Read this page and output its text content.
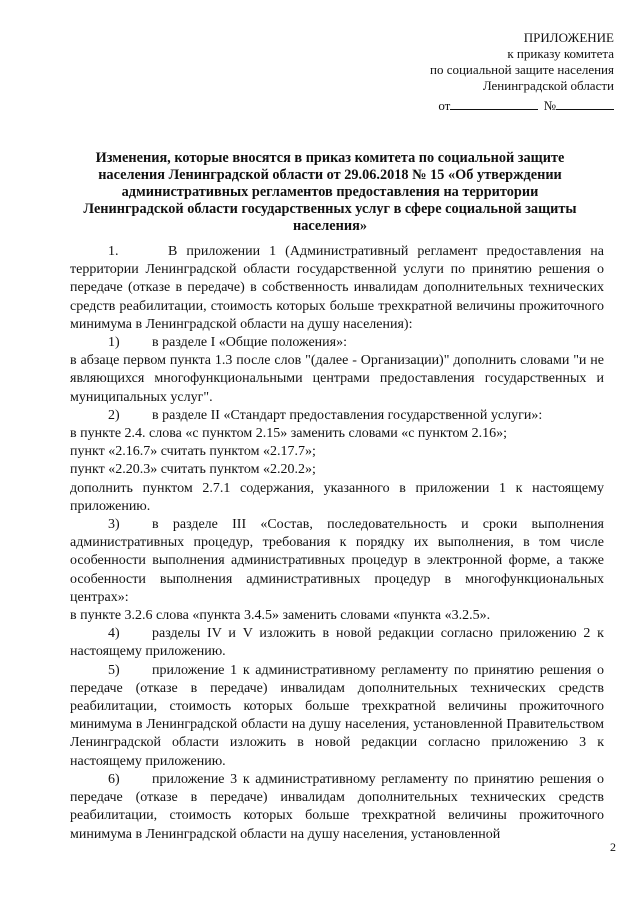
ПРИЛОЖЕНИЕ
к приказу комитета
по социальной защите населения
Ленинградской области
от	№
Изменения, которые вносятся в приказ комитета по социальной защите населения Ленинградской области от 29.06.2018 № 15 «Об утверждении административных регламентов предоставления на территории Ленинградской области государственных услуг в сфере социальной защиты населения»

1.	В приложении 1 (Административный регламент предоставления на территории Ленинградской области государственной услуги по принятию решения о передаче (отказе в передаче) в собственность инвалидам дополнительных технических средств реабилитации, стоимость которых больше трехкратной величины прожиточного минимума в Ленинградской области на душу населения):

1) в разделе I «Общие положения»:

в абзаце первом пункта 1.3 после слов "(далее - Организации)" дополнить словами "и не являющихся многофункциональными центрами предоставления государственных и муниципальных услуг".

2) в разделе II «Стандарт предоставления государственной услуги»:

в пункте 2.4. слова «с пунктом 2.15» заменить словами «с пунктом 2.16»;

пункт «2.16.7» считать пунктом «2.17.7»;

пункт «2.20.3» считать пунктом «2.20.2»;

дополнить пунктом 2.7.1 содержания, указанного в приложении 1 к настоящему приложению.

3) в разделе III «Состав, последовательность и сроки выполнения административных процедур, требования к порядку их выполнения, в том числе особенности выполнения административных процедур в электронной форме, а также особенности выполнения административных процедур в многофункциональных центрах»:

в пункте 3.2.6 слова «пункта 3.4.5» заменить словами «пункта «3.2.5».

4) разделы IV и V изложить в новой редакции согласно приложению 2 к настоящему приложению.

5) приложение 1 к административному регламенту по принятию решения о передаче (отказе в передаче) инвалидам дополнительных технических средств реабилитации, стоимость которых больше трехкратной величины прожиточного минимума в Ленинградской области на душу населения, установленной Правительством Ленинградской области изложить в новой редакции согласно приложению 3 к настоящему приложению.

6) приложение 3 к административному регламенту по принятию решения о передаче (отказе в передаче) инвалидам дополнительных технических средств реабилитации, стоимость которых больше трехкратной величины прожиточного минимума в Ленинградской области на душу населения, установленной

2
